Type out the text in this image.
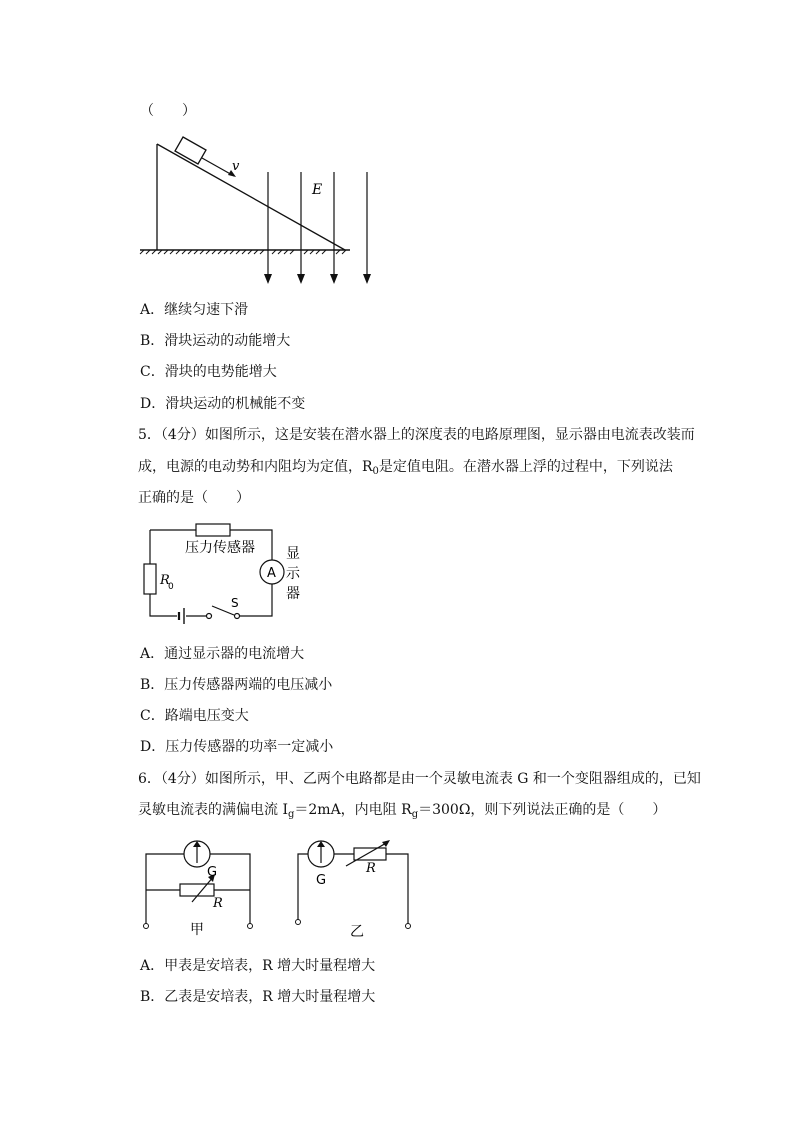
（　　）
v
E
A．继续匀速下滑
B．滑块运动的动能增大
C．滑块的电势能增大
D．滑块运动的机械能不变
5．（4分）如图所示，这是安装在潜水器上的深度表的电路原理图，显示器由电流表改装而
成，电源的电动势和内阻均为定值，$R_0$是定值电阻。在潜水器上浮的过程中，下列说法
正确的是（　　）
压力传感器
A
显
示
器
R
0
S
A．通过显示器的电流增大
B．压力传感器两端的电压减小
C．路端电压变大
D．压力传感器的功率一定减小
6．（4分）如图所示，甲、乙两个电路都是由一个灵敏电流表 G 和一个变阻器组成的，已知
灵敏电流表的满偏电流 $I_g=2mA$，内电阻 $R_g=300\Omega$，则下列说法正确的是（　　）
G
R
甲
G
R
乙
A．甲表是安培表，R 增大时量程增大
B．乙表是安培表，R 增大时量程增大
